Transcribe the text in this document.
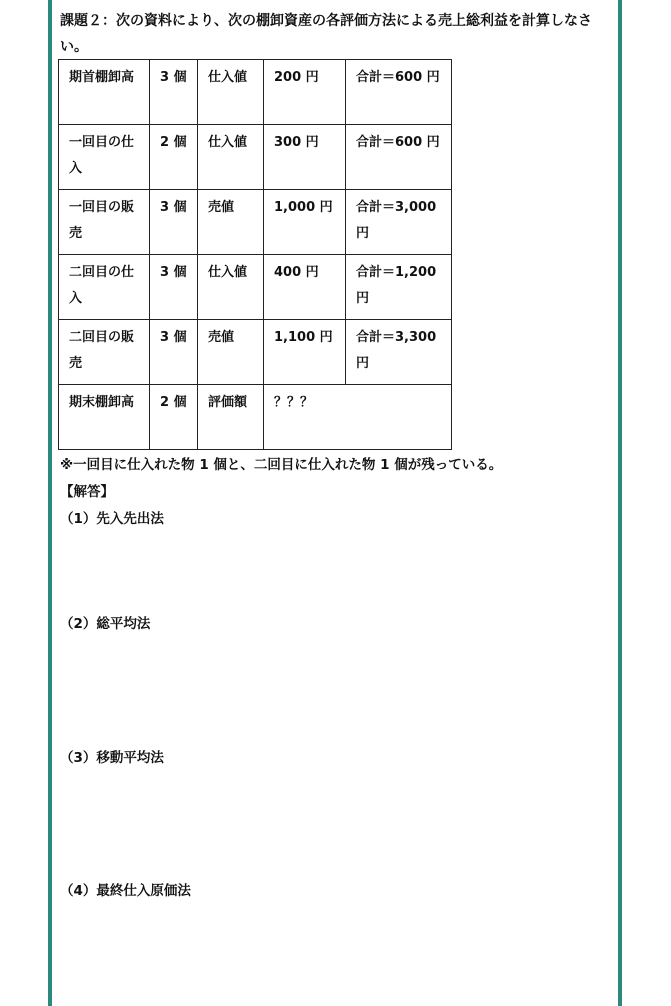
課題２：次の資料により、次の棚卸資産の各評価方法による売上総利益を計算しなさい。
期首棚卸高	3 個	仕入値	200 円	合計＝600 円
一回目の仕入	2 個	仕入値	300 円	合計＝600 円
一回目の販売	3 個	売値	1,000 円	合計＝3,000 円
二回目の仕入	3 個	仕入値	400 円	合計＝1,200 円
二回目の販売	3 個	売値	1,100 円	合計＝3,300 円
期末棚卸高	2 個	評価額	？？？	
※一回目に仕入れた物 1 個と、二回目に仕入れた物 1 個が残っている。
【解答】
（1）先入先出法
（2）総平均法
（3）移動平均法
（4）最終仕入原価法
